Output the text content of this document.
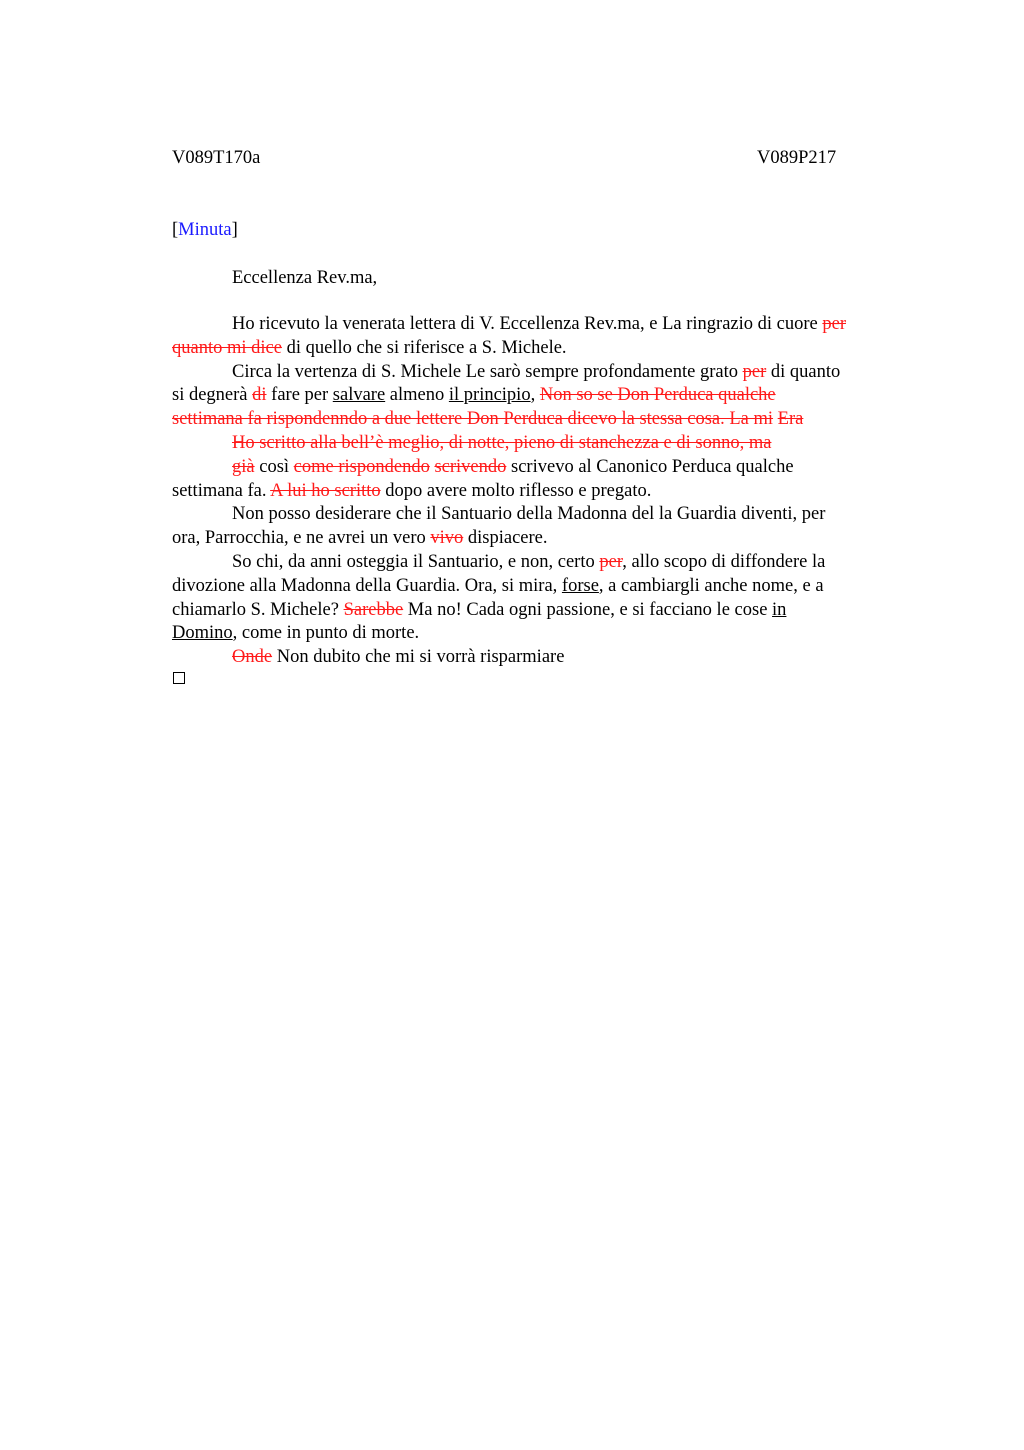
V089T170a	V089P217
[Minuta]
Eccellenza Rev.ma,
Ho ricevuto la venerata lettera di V. Eccellenza Rev.ma, e La ringrazio di cuore per
quanto mi dice di quello che si riferisce a S. Michele.
Circa la vertenza di S. Michele Le sarò sempre profondamente grato per di quanto
si degnerà di fare per salvare almeno il principio, Non so se Don Perduca qualche
settimana fa rispondenndo a due lettere Don Perduca dicevo la stessa cosa. La mi Era
Ho scritto alla bell’è meglio, di notte, pieno di stanchezza e di sonno, ma
già così come rispondendo scrivendo scrivevo al Canonico Perduca qualche
settimana fa. A lui ho scritto dopo avere molto riflesso e pregato.
Non posso desiderare che il Santuario della Madonna del la Guardia diventi, per
ora, Parrocchia, e ne avrei un vero vivo dispiacere.
So chi, da anni osteggia il Santuario, e non, certo per, allo scopo di diffondere la
divozione alla Madonna della Guardia. Ora, si mira, forse, a cambiargli anche nome, e a
chiamarlo S. Michele? Sarebbe Ma no! Cada ogni passione, e si facciano le cose in
Domino, come in punto di morte.
Onde Non dubito che mi si vorrà risparmiare
